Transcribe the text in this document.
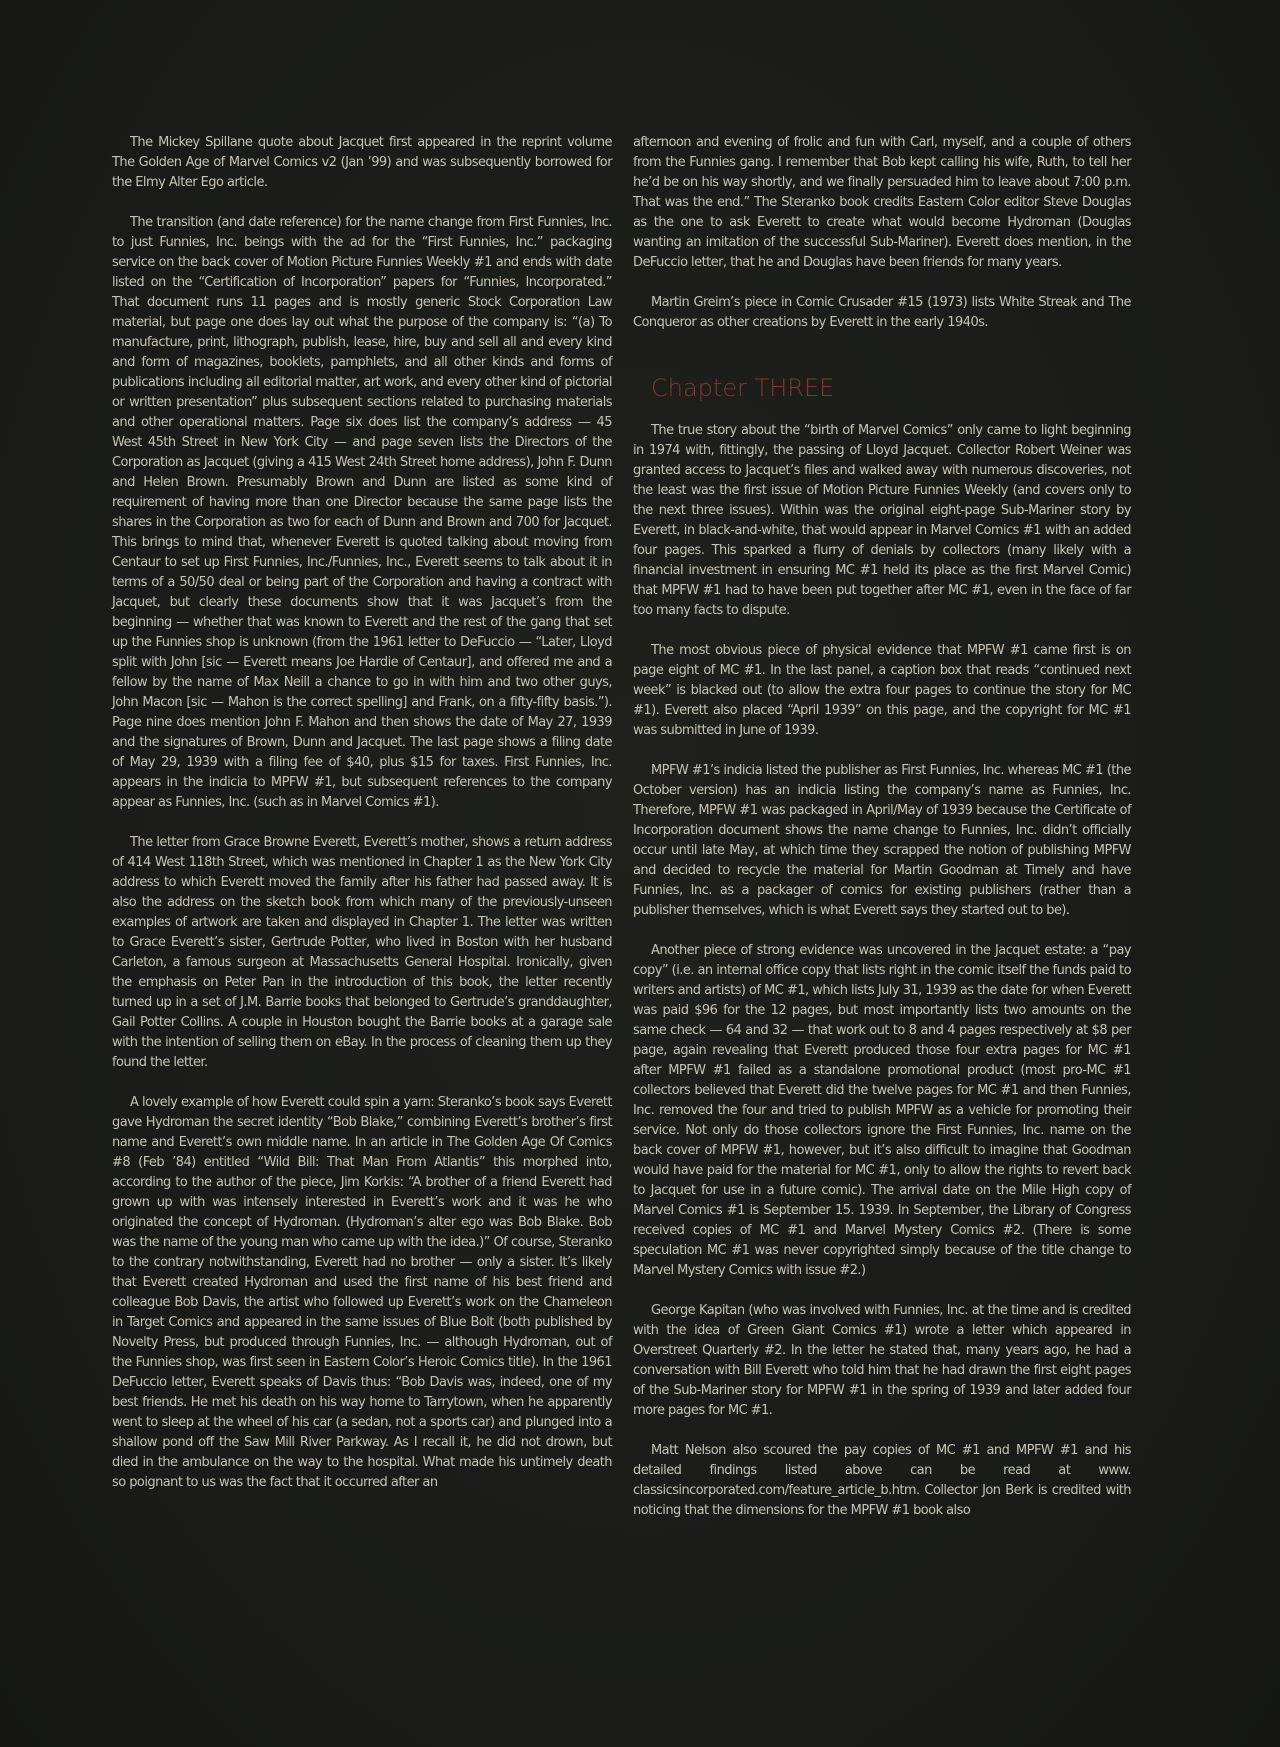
The Mickey Spillane quote about Jacquet first appeared in the reprint volume The Golden Age of Marvel Comics v2 (Jan ’99) and was subsequently borrowed for the Elmy Alter Ego article.

The transition (and date reference) for the name change from First Funnies, Inc. to just Funnies, Inc. beings with the ad for the “First Funnies, Inc.” packaging service on the back cover of Motion Picture Funnies Weekly #1 and ends with date listed on the “Certification of Incorporation” papers for “Funnies, Incorporated.” That document runs 11 pages and is mostly generic Stock Corporation Law material, but page one does lay out what the purpose of the company is: “(a) To manufacture, print, lithograph, publish, lease, hire, buy and sell all and every kind and form of magazines, booklets, pamphlets, and all other kinds and forms of publications including all editorial matter, art work, and every other kind of pictorial or written presentation” plus subsequent sections related to purchasing materials and other operational matters. Page six does list the company’s address — 45 West 45th Street in New York City — and page seven lists the Directors of the Corporation as Jacquet (giving a 415 West 24th Street home address), John F. Dunn and Helen Brown. Presumably Brown and Dunn are listed as some kind of requirement of having more than one Director because the same page lists the shares in the Corporation as two for each of Dunn and Brown and 700 for Jacquet. This brings to mind that, whenever Everett is quoted talking about moving from Centaur to set up First Funnies, Inc./Funnies, Inc., Everett seems to talk about it in terms of a 50/50 deal or being part of the Corporation and having a contract with Jacquet, but clearly these documents show that it was Jacquet’s from the beginning — whether that was known to Everett and the rest of the gang that set up the Funnies shop is unknown (from the 1961 letter to DeFuccio — “Later, Lloyd split with John [sic — Everett means Joe Hardie of Centaur], and offered me and a fellow by the name of Max Neill a chance to go in with him and two other guys, John Macon [sic — Mahon is the correct spelling] and Frank, on a fifty-fifty basis.”). Page nine does mention John F. Mahon and then shows the date of May 27, 1939 and the signatures of Brown, Dunn and Jacquet. The last page shows a filing date of May 29, 1939 with a filing fee of $40, plus $15 for taxes. First Funnies, Inc. appears in the indicia to MPFW #1, but subsequent references to the company appear as Funnies, Inc. (such as in Marvel Comics #1).

The letter from Grace Browne Everett, Everett’s mother, shows a return address of 414 West 118th Street, which was mentioned in Chapter 1 as the New York City address to which Everett moved the family after his father had passed away. It is also the address on the sketch book from which many of the previously-unseen examples of artwork are taken and displayed in Chapter 1. The letter was written to Grace Everett’s sister, Gertrude Potter, who lived in Boston with her husband Carleton, a famous surgeon at Massachusetts General Hospital. Ironically, given the emphasis on Peter Pan in the introduction of this book, the letter recently turned up in a set of J.M. Barrie books that belonged to Gertrude’s granddaughter, Gail Potter Collins. A couple in Houston bought the Barrie books at a garage sale with the intention of selling them on eBay. In the process of cleaning them up they found the letter.

A lovely example of how Everett could spin a yarn: Steranko’s book says Everett gave Hydroman the secret identity “Bob Blake,” combining Everett’s brother’s first name and Everett’s own middle name. In an article in The Golden Age Of Comics #8 (Feb ’84) entitled “Wild Bill: That Man From Atlantis” this morphed into, according to the author of the piece, Jim Korkis: “A brother of a friend Everett had grown up with was intensely interested in Everett’s work and it was he who originated the concept of Hydroman. (Hydroman’s alter ego was Bob Blake. Bob was the name of the young man who came up with the idea.)” Of course, Steranko to the contrary notwithstanding, Everett had no brother — only a sister. It’s likely that Everett created Hydroman and used the first name of his best friend and colleague Bob Davis, the artist who followed up Everett’s work on the Chameleon in Target Comics and appeared in the same issues of Blue Bolt (both published by Novelty Press, but produced through Funnies, Inc. — although Hydroman, out of the Funnies shop, was first seen in Eastern Color’s Heroic Comics title). In the 1961 DeFuccio letter, Everett speaks of Davis thus: “Bob Davis was, indeed, one of my best friends. He met his death on his way home to Tarrytown, when he apparently went to sleep at the wheel of his car (a sedan, not a sports car) and plunged into a shallow pond off the Saw Mill River Parkway. As I recall it, he did not drown, but died in the ambulance on the way to the hospital. What made his untimely death so poignant to us was the fact that it occurred after an

afternoon and evening of frolic and fun with Carl, myself, and a couple of others from the Funnies gang. I remember that Bob kept calling his wife, Ruth, to tell her he’d be on his way shortly, and we finally persuaded him to leave about 7:00 p.m. That was the end.” The Steranko book credits Eastern Color editor Steve Douglas as the one to ask Everett to create what would become Hydroman (Douglas wanting an imitation of the successful Sub-Mariner). Everett does mention, in the DeFuccio letter, that he and Douglas have been friends for many years.

Martin Greim’s piece in Comic Crusader #15 (1973) lists White Streak and The Conqueror as other creations by Everett in the early 1940s.

Chapter THREE

The true story about the “birth of Marvel Comics” only came to light beginning in 1974 with, fittingly, the passing of Lloyd Jacquet. Collector Robert Weiner was granted access to Jacquet’s files and walked away with numerous discoveries, not the least was the first issue of Motion Picture Funnies Weekly (and covers only to the next three issues). Within was the original eight-page Sub-Mariner story by Everett, in black-and-white, that would appear in Marvel Comics #1 with an added four pages. This sparked a flurry of denials by collectors (many likely with a financial investment in ensuring MC #1 held its place as the first Marvel Comic) that MPFW #1 had to have been put together after MC #1, even in the face of far too many facts to dispute.

The most obvious piece of physical evidence that MPFW #1 came first is on page eight of MC #1. In the last panel, a caption box that reads “continued next week” is blacked out (to allow the extra four pages to continue the story for MC #1). Everett also placed “April 1939” on this page, and the copyright for MC #1 was submitted in June of 1939.

MPFW #1’s indicia listed the publisher as First Funnies, Inc. whereas MC #1 (the October version) has an indicia listing the company’s name as Funnies, Inc. Therefore, MPFW #1 was packaged in April/May of 1939 because the Certificate of Incorporation document shows the name change to Funnies, Inc. didn’t officially occur until late May, at which time they scrapped the notion of publishing MPFW and decided to recycle the material for Martin Goodman at Timely and have Funnies, Inc. as a packager of comics for existing publishers (rather than a publisher themselves, which is what Everett says they started out to be).

Another piece of strong evidence was uncovered in the Jacquet estate: a “pay copy” (i.e. an internal office copy that lists right in the comic itself the funds paid to writers and artists) of MC #1, which lists July 31, 1939 as the date for when Everett was paid $96 for the 12 pages, but most importantly lists two amounts on the same check — 64 and 32 — that work out to 8 and 4 pages respectively at $8 per page, again revealing that Everett produced those four extra pages for MC #1 after MPFW #1 failed as a standalone promotional product (most pro-MC #1 collectors believed that Everett did the twelve pages for MC #1 and then Funnies, Inc. removed the four and tried to publish MPFW as a vehicle for promoting their service. Not only do those collectors ignore the First Funnies, Inc. name on the back cover of MPFW #1, however, but it’s also difficult to imagine that Goodman would have paid for the material for MC #1, only to allow the rights to revert back to Jacquet for use in a future comic). The arrival date on the Mile High copy of Marvel Comics #1 is September 15. 1939. In September, the Library of Congress received copies of MC #1 and Marvel Mystery Comics #2. (There is some speculation MC #1 was never copyrighted simply because of the title change to Marvel Mystery Comics with issue #2.)

George Kapitan (who was involved with Funnies, Inc. at the time and is credited with the idea of Green Giant Comics #1) wrote a letter which appeared in Overstreet Quarterly #2. In the letter he stated that, many years ago, he had a conversation with Bill Everett who told him that he had drawn the first eight pages of the Sub-Mariner story for MPFW #1 in the spring of 1939 and later added four more pages for MC #1.

Matt Nelson also scoured the pay copies of MC #1 and MPFW #1 and his detailed findings listed above can be read at www. classicsincorporated.com/feature_article_b.htm. Collector Jon Berk is credited with noticing that the dimensions for the MPFW #1 book also
